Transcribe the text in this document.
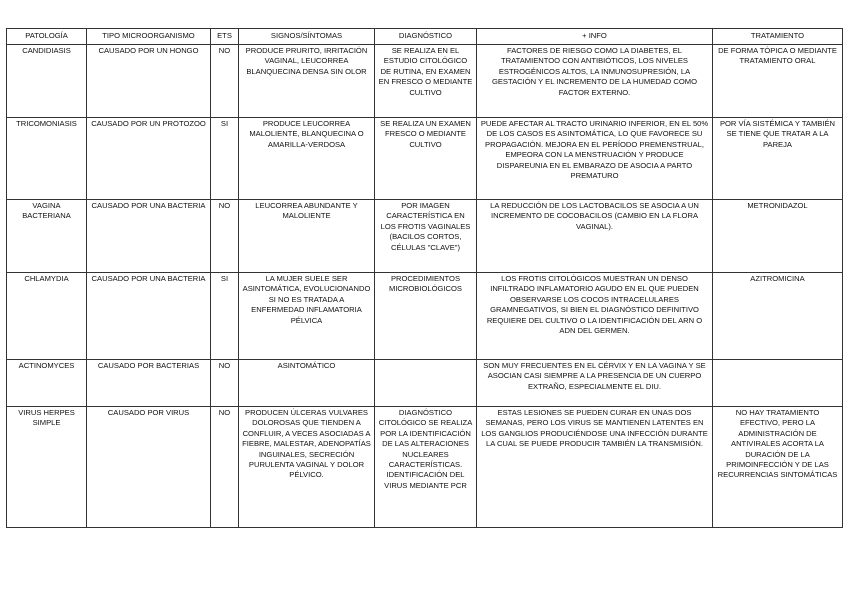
PATOLOGÍA	TIPO MICROORGANISMO	ETS	SIGNOS/SÍNTOMAS	DIAGNÓSTICO	+ INFO	TRATAMIENTO
CANDIDIASIS	CAUSADO POR UN HONGO	NO	PRODUCE PRURITO, IRRITACIÓN VAGINAL, LEUCORREA BLANQUECINA DENSA SIN OLOR	SE REALIZA EN EL ESTUDIO CITOLÓGICO DE RUTINA, EN EXAMEN EN FRESCO O MEDIANTE CULTIVO	FACTORES DE RIESGO COMO LA DIABETES, EL TRATAMIENTOO CON ANTIBIÓTICOS, LOS NIVELES ESTROGÉNICOS ALTOS, LA INMUNOSUPRESIÓN, LA GESTACIÓN Y EL INCREMENTO DE LA HUMEDAD COMO FACTOR EXTERNO.	DE FORMA TÓPICA O MEDIANTE TRATAMIENTO ORAL
TRICOMONIASIS	CAUSADO POR UN PROTOZOO	SI	PRODUCE LEUCORREA MALOLIENTE, BLANQUECINA O AMARILLA-VERDOSA	SE REALIZA UN EXAMEN FRESCO O MEDIANTE CULTIVO	PUEDE AFECTAR AL TRACTO URINARIO INFERIOR, EN EL 50% DE LOS CASOS ES ASINTOMÁTICA, LO QUE FAVORECE SU PROPAGACIÓN. MEJORA EN EL PERÍODO PREMENSTRUAL, EMPEORA CON LA MENSTRUACIÓN Y PRODUCE DISPAREUNIA EN EL EMBARAZO DE ASOCIA A PARTO PREMATURO	POR VÍA SISTÉMICA Y TAMBIÉN SE TIENE QUE TRATAR A LA PAREJA
VAGINA BACTERIANA	CAUSADO POR UNA BACTERIA	NO	LEUCORREA ABUNDANTE Y MALOLIENTE	POR IMAGEN CARACTERÍSTICA EN LOS FROTIS VAGINALES (BACILOS CORTOS, CÉLULAS "CLAVE")	LA REDUCCIÓN DE LOS LACTOBACILOS SE ASOCIA A UN INCREMENTO DE COCOBACILOS (CAMBIO EN LA FLORA VAGINAL).	METRONIDAZOL
CHLAMYDIA	CAUSADO POR UNA BACTERIA	SI	LA MUJER SUELE SER ASINTOMÁTICA, EVOLUCIONANDO SI NO ES TRATADA A ENFERMEDAD INFLAMATORIA PÉLVICA	PROCEDIMIENTOS MICROBIOLÓGICOS	LOS FROTIS CITOLÓGICOS MUESTRAN UN DENSO INFILTRADO INFLAMATORIO AGUDO EN EL QUE PUEDEN OBSERVARSE LOS COCOS INTRACELULARES GRAMNEGATIVOS, SI BIEN EL DIAGNÓSTICO DEFINITIVO REQUIERE DEL CULTIVO O LA IDENTIFICACIÓN DEL ARN O ADN DEL GERMEN.	AZITROMICINA
ACTINOMYCES	CAUSADO POR BACTERIAS	NO	ASINTOMÁTICO		SON MUY FRECUENTES EN EL CÉRVIX Y EN LA VAGINA Y SE ASOCIAN CASI SIEMPRE A LA PRESENCIA DE UN CUERPO EXTRAÑO, ESPECIALMENTE EL DIU.	
VIRUS HERPES SIMPLE	CAUSADO POR VIRUS	NO	PRODUCEN ÚLCERAS VULVARES DOLOROSAS QUE TIENDEN A CONFLUIR, A VECES ASOCIADAS A FIEBRE, MALESTAR, ADENOPATÍAS INGUINALES, SECRECIÓN PURULENTA VAGINAL Y DOLOR PÉLVICO.	DIAGNÓSTICO CITOLÓGICO SE REALIZA POR LA IDENTIFICACIÓN DE LAS ALTERACIONES NUCLEARES CARACTERÍSTICAS. IDENTIFICACIÓN DEL VIRUS MEDIANTE PCR	ESTAS LESIONES SE PUEDEN CURAR EN UNAS DOS SEMANAS, PERO LOS VIRUS SE MANTIENEN LATENTES EN LOS GANGLIOS PRODUCIÉNDOSE UNA INFECCIÓN DURANTE LA CUAL SE PUEDE PRODUCIR TAMBIÉN LA TRANSMISIÓN.	NO HAY TRATAMIENTO EFECTIVO, PERO LA ADMINISTRACIÓN DE ANTIVIRALES ACORTA LA DURACIÓN DE LA PRIMOINFECCIÓN Y DE LAS RECURRENCIAS SINTOMÁTICAS
